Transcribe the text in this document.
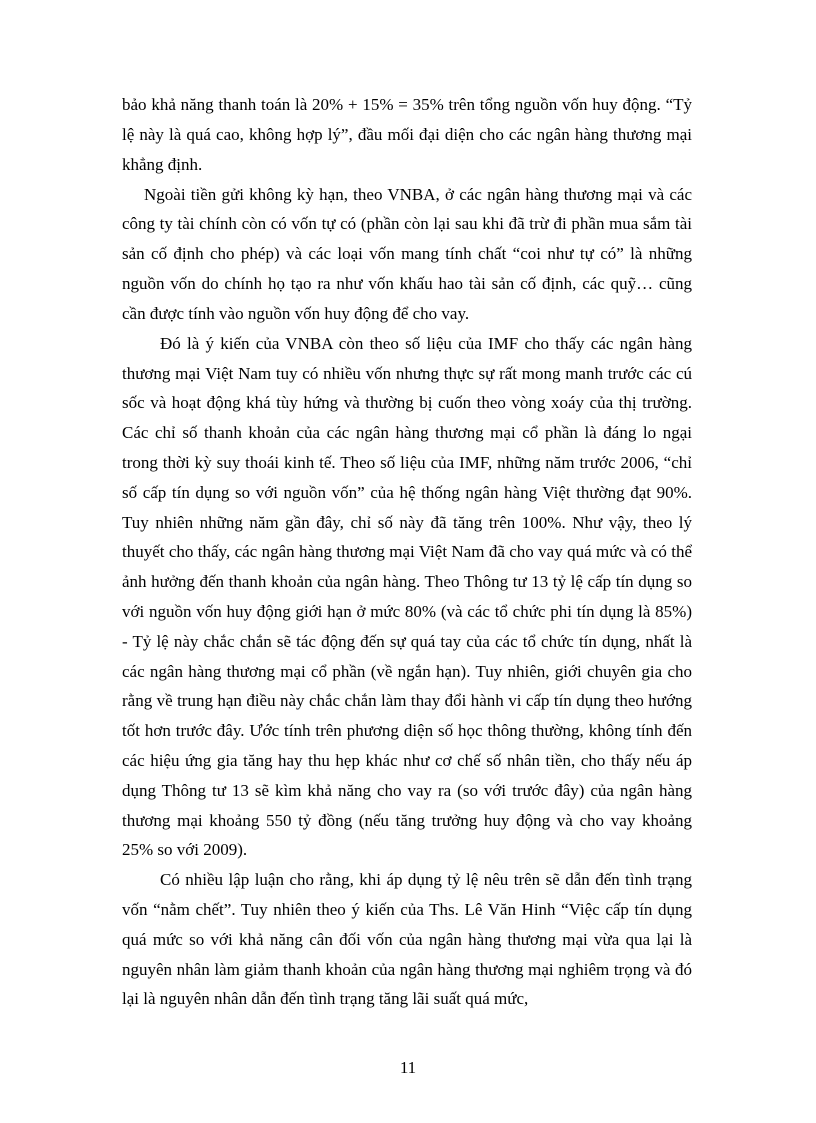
bảo khả năng thanh toán là 20% + 15% = 35% trên tổng nguồn vốn huy động. “Tỷ lệ này là quá cao, không hợp lý”, đầu mối đại diện cho các ngân hàng thương mại khẳng định.

Ngoài tiền gửi không kỳ hạn, theo VNBA, ở các ngân hàng thương mại và các công ty tài chính còn có vốn tự có (phần còn lại sau khi đã trừ đi phần mua sắm tài sản cố định cho phép) và các loại vốn mang tính chất “coi như tự có” là những nguồn vốn do chính họ tạo ra như vốn khấu hao tài sản cố định, các quỹ… cũng cần được tính vào nguồn vốn huy động để cho vay.

Đó là ý kiến của VNBA còn theo số liệu của IMF cho thấy các ngân hàng thương mại Việt Nam tuy có nhiều vốn nhưng thực sự rất mong manh trước các cú sốc và hoạt động khá tùy hứng và thường bị cuốn theo vòng xoáy của thị trường. Các chỉ số thanh khoản của các ngân hàng thương mại cổ phần là đáng lo ngại trong thời kỳ suy thoái kinh tế. Theo số liệu của IMF, những năm trước 2006, “chỉ số cấp tín dụng so với nguồn vốn” của hệ thống ngân hàng Việt thường đạt 90%. Tuy nhiên những năm gần đây, chỉ số này đã tăng trên 100%. Như vậy, theo lý thuyết cho thấy, các ngân hàng thương mại Việt Nam đã cho vay quá mức và có thể ảnh hưởng đến thanh khoản của ngân hàng. Theo Thông tư 13 tỷ lệ cấp tín dụng so với nguồn vốn huy động giới hạn ở mức 80% (và các tổ chức phi tín dụng là 85%) - Tỷ lệ này chắc chắn sẽ tác động đến sự quá tay của các tổ chức tín dụng, nhất là các ngân hàng thương mại cổ phần (về ngắn hạn). Tuy nhiên, giới chuyên gia cho rằng về trung hạn điều này chắc chắn làm thay đổi hành vi cấp tín dụng theo hướng tốt hơn trước đây. Ước tính trên phương diện số học thông thường, không tính đến các hiệu ứng gia tăng hay thu hẹp khác như cơ chế số nhân tiền, cho thấy nếu áp dụng Thông tư 13 sẽ kìm khả năng cho vay ra (so với trước đây) của ngân hàng thương mại khoảng 550 tỷ đồng (nếu tăng trưởng huy động và cho vay khoảng 25% so với 2009).

Có nhiều lập luận cho rằng, khi áp dụng tỷ lệ nêu trên sẽ dẫn đến tình trạng vốn “nằm chết”. Tuy nhiên theo ý kiến của Ths. Lê Văn Hinh “Việc cấp tín dụng quá mức so với khả năng cân đối vốn của ngân hàng thương mại vừa qua lại là nguyên nhân làm giảm thanh khoản của ngân hàng thương mại nghiêm trọng và đó lại là nguyên nhân dẫn đến tình trạng tăng lãi suất quá mức,

11
